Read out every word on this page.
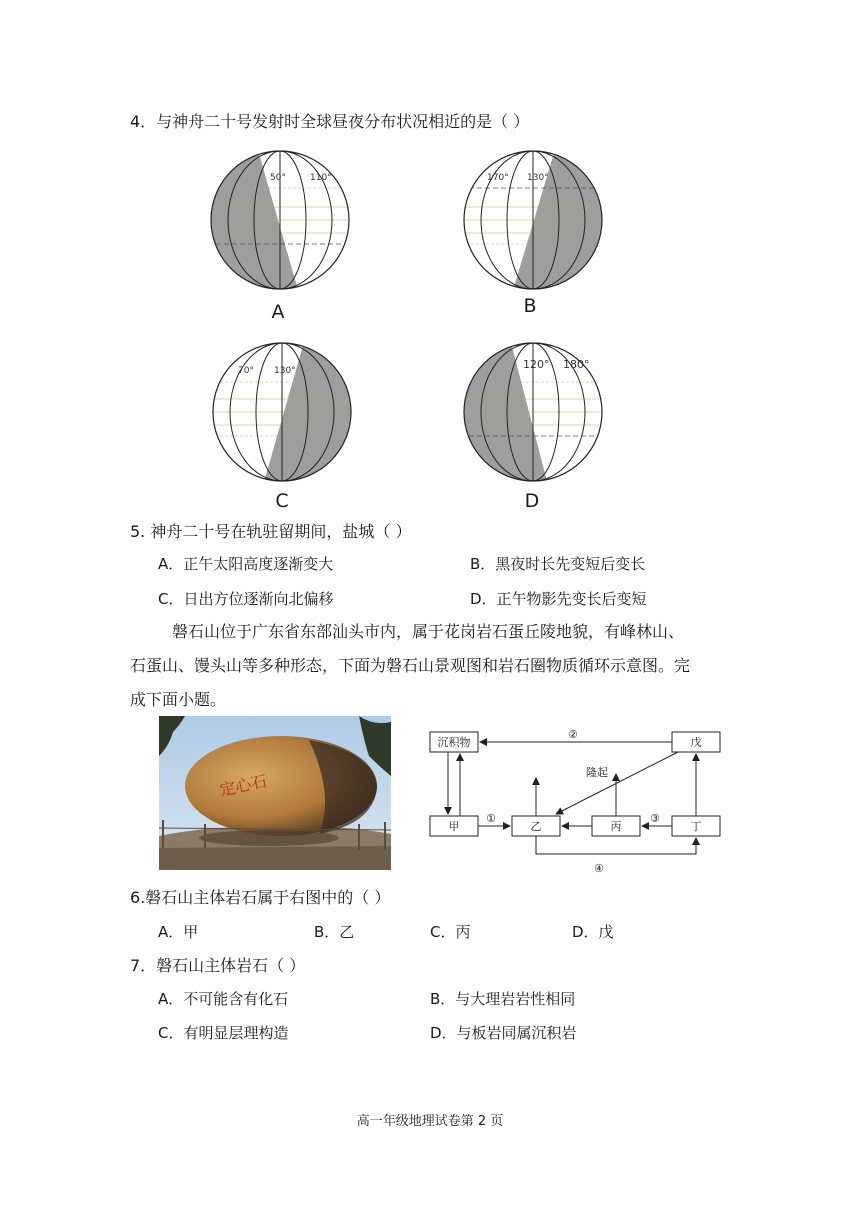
4．与神舟二十号发射时全球昼夜分布状况相近的是（ ）
50°	110°
A
170° 130°
B
70° 130°
C
120° 180°
D
5. 神舟二十号在轨驻留期间，盐城（ ）
A．正午太阳高度逐渐变大	B．黑夜时长先变短后变长
C．日出方位逐渐向北偏移	D．正午物影先变长后变短
磐石山位于广东省东部汕头市内，属于花岗岩石蛋丘陵地貌，有峰林山、
石蛋山、馒头山等多种形态，下面为磐石山景观图和岩石圈物质循环示意图。完
成下面小题。
定心石
沉积物	戊
甲	乙	丙	丁
隆起
②
①	③
④
6.磐石山主体岩石属于右图中的（ ）
A．甲	B．乙	C．丙	D．戊
7．磐石山主体岩石（ ）
A．不可能含有化石	B．与大理岩岩性相同
C．有明显层理构造	D．与板岩同属沉积岩
高一年级地理试卷第 2 页
